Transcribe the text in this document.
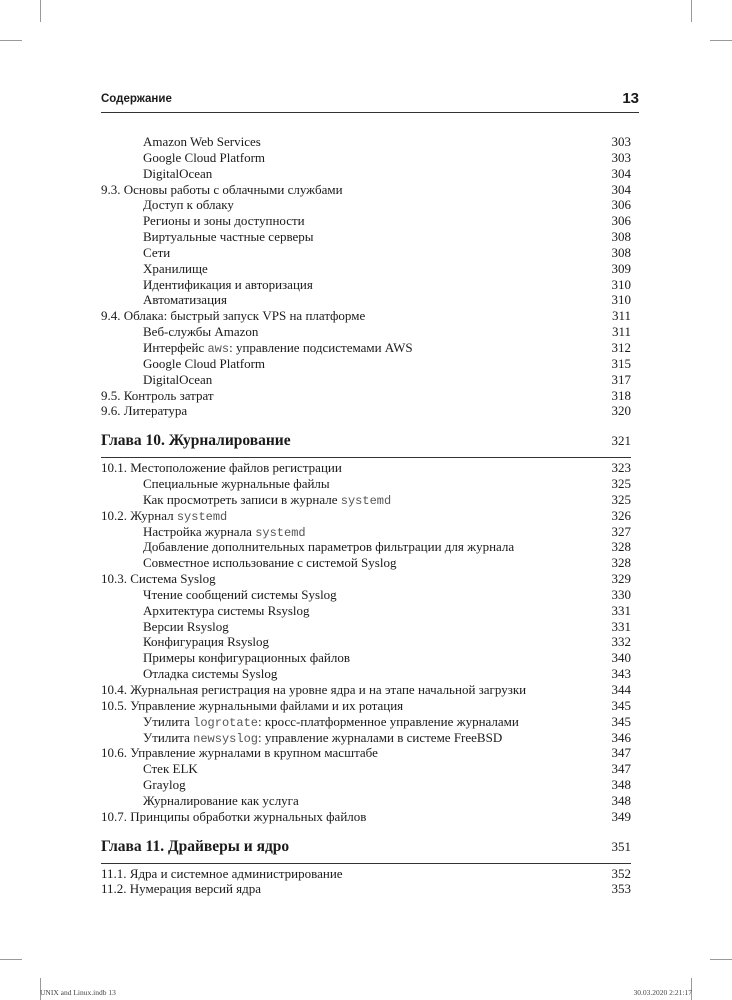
Содержание	13
Amazon Web Services	303
Google Cloud Platform	303
DigitalOcean	304
9.3. Основы работы с облачными службами	304
Доступ к облаку	306
Регионы и зоны доступности	306
Виртуальные частные серверы	308
Сети	308
Хранилище	309
Идентификация и авторизация	310
Автоматизация	310
9.4. Облака: быстрый запуск VPS на платформе	311
Веб-службы Amazon	311
Интерфейс aws: управление подсистемами AWS	312
Google Cloud Platform	315
DigitalOcean	317
9.5. Контроль затрат	318
9.6. Литература	320
Глава 10. Журналирование	321
10.1. Местоположение файлов регистрации	323
Специальные журнальные файлы	325
Как просмотреть записи в журнале systemd	325
10.2. Журнал systemd	326
Настройка журнала systemd	327
Добавление дополнительных параметров фильтрации для журнала	328
Совместное использование с системой Syslog	328
10.3. Система Syslog	329
Чтение сообщений системы Syslog	330
Архитектура системы Rsyslog	331
Версии Rsyslog	331
Конфигурация Rsyslog	332
Примеры конфигурационных файлов	340
Отладка системы Syslog	343
10.4. Журнальная регистрация на уровне ядра и на этапе начальной загрузки	344
10.5. Управление журнальными файлами и их ротация	345
Утилита logrotate: кросс-платформенное управление журналами	345
Утилита newsyslog: управление журналами в системе FreeBSD	346
10.6. Управление журналами в крупном масштабе	347
Стек ELK	347
Graylog	348
Журналирование как услуга	348
10.7. Принципы обработки журнальных файлов	349
Глава 11. Драйверы и ядро	351
11.1. Ядра и системное администрирование	352
11.2. Нумерация версий ядра	353
UNIX and Linux.indb 13	30.03.2020 2:21:17
